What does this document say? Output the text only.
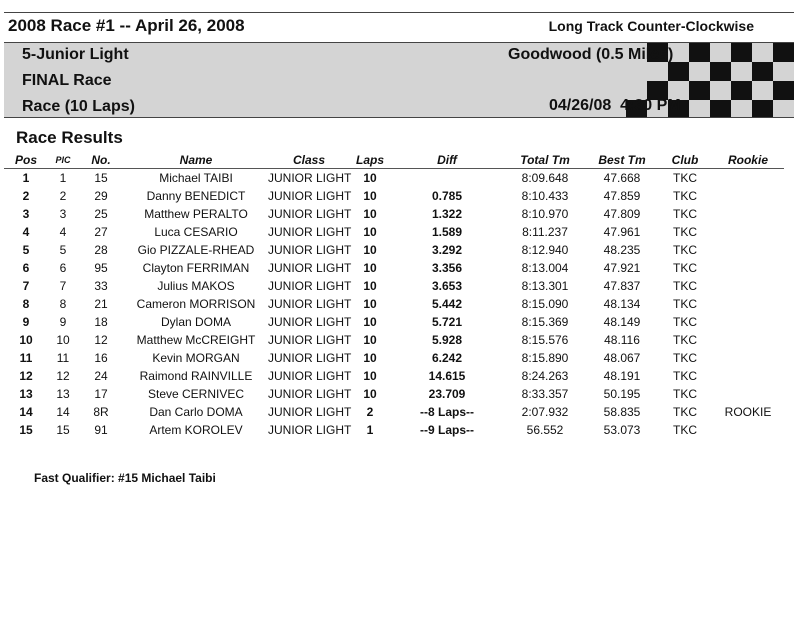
2008 Race #1 -- April 26, 2008	Long Track Counter-Clockwise
5-Junior Light
FINAL Race
Race (10 Laps)
Goodwood (0.5 Miles)
04/26/08 4:30 PM
Race Results
Pos	PIC	No.	Name	Class	Laps	Diff	Total Tm	Best Tm	Club	Rookie
1	1	15	Michael TAIBI	JUNIOR LIGHT	10		8:09.648	47.668	TKC	
2	2	29	Danny BENEDICT	JUNIOR LIGHT	10	0.785	8:10.433	47.859	TKC	
3	3	25	Matthew PERALTO	JUNIOR LIGHT	10	1.322	8:10.970	47.809	TKC	
4	4	27	Luca CESARIO	JUNIOR LIGHT	10	1.589	8:11.237	47.961	TKC	
5	5	28	Gio PIZZALE-RHEAD	JUNIOR LIGHT	10	3.292	8:12.940	48.235	TKC	
6	6	95	Clayton FERRIMAN	JUNIOR LIGHT	10	3.356	8:13.004	47.921	TKC	
7	7	33	Julius MAKOS	JUNIOR LIGHT	10	3.653	8:13.301	47.837	TKC	
8	8	21	Cameron MORRISON	JUNIOR LIGHT	10	5.442	8:15.090	48.134	TKC	
9	9	18	Dylan DOMA	JUNIOR LIGHT	10	5.721	8:15.369	48.149	TKC	
10	10	12	Matthew McCREIGHT	JUNIOR LIGHT	10	5.928	8:15.576	48.116	TKC	
11	11	16	Kevin MORGAN	JUNIOR LIGHT	10	6.242	8:15.890	48.067	TKC	
12	12	24	Raimond RAINVILLE	JUNIOR LIGHT	10	14.615	8:24.263	48.191	TKC	
13	13	17	Steve CERNIVEC	JUNIOR LIGHT	10	23.709	8:33.357	50.195	TKC	
14	14	8R	Dan Carlo DOMA	JUNIOR LIGHT	2	--8 Laps--	2:07.932	58.835	TKC	ROOKIE
15	15	91	Artem KOROLEV	JUNIOR LIGHT	1	--9 Laps--	56.552	53.073	TKC	
Fast Qualifier: #15 Michael Taibi
